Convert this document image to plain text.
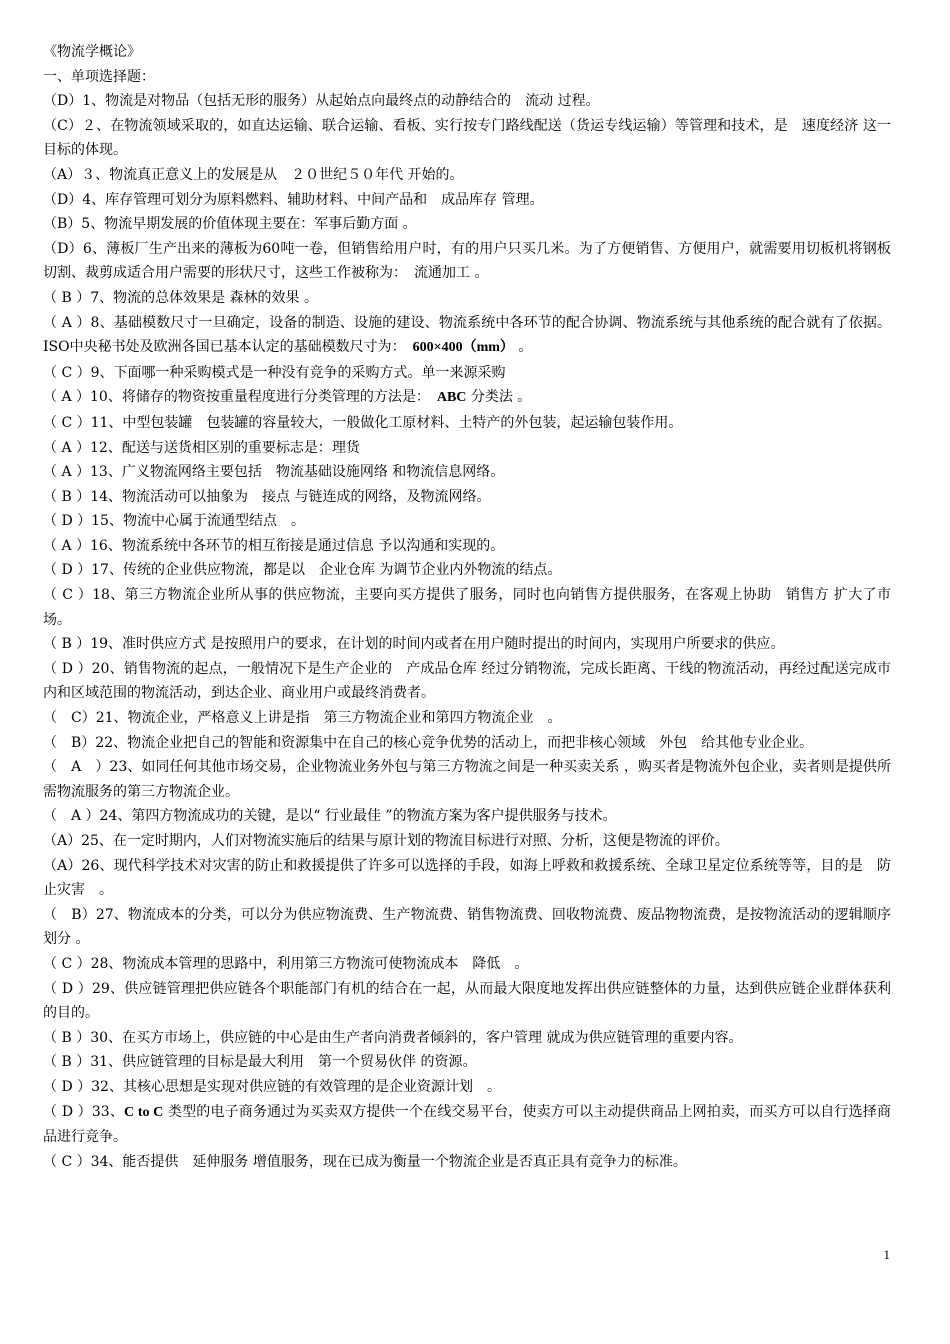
《物流学概论》

一、单项选择题：

（D）1、物流是对物品（包括无形的服务）从起始点向最终点的动静结合的　流动 过程。

（C）２、在物流领域采取的，如直达运输、联合运输、看板、实行按专门路线配送（货运专线运输）等管理和技术，是　速度经济 这一目标的体现。

（A）３、物流真正意义上的发展是从　２０世纪５０年代 开始的。

（D）4、库存管理可划分为原料燃料、辅助材料、中间产品和　成品库存 管理。

（B）5、物流早期发展的价值体现主要在：军事后勤方面 。

（D）6、薄板厂生产出来的薄板为60吨一卷，但销售给用户时，有的用户只买几米。为了方便销售、方便用户，就需要用切板机将钢板切割、裁剪成适合用户需要的形状尺寸，这些工作被称为：　流通加工 。

（ B ）7、物流的总体效果是 森林的效果 。

（ A ）8、基础模数尺寸一旦确定，设备的制造、设施的建设、物流系统中各环节的配合协调、物流系统与其他系统的配合就有了依据。ISO中央秘书处及欧洲各国已基本认定的基础模数尺寸为：　600×400（mm） 。

（ C ）9、下面哪一种采购模式是一种没有竞争的采购方式。单一来源采购

（ A ）10、将储存的物资按重量程度进行分类管理的方法是：　ABC 分类法 。

（ C ）11、中型包装罐　包装罐的容量较大，一般做化工原材料、土特产的外包装，起运输包装作用。

（ A ）12、配送与送货相区别的重要标志是：理货

（ A ）13、广义物流网络主要包括　物流基础设施网络 和物流信息网络。

（ B ）14、物流活动可以抽象为　接点 与链连成的网络，及物流网络。

（ D ）15、物流中心属于流通型结点　。

（ A ）16、物流系统中各环节的相互衔接是通过信息 予以沟通和实现的。

（ D ）17、传统的企业供应物流，都是以　企业仓库 为调节企业内外物流的结点。

（ C ）18、第三方物流企业所从事的供应物流，主要向买方提供了服务，同时也向销售方提供服务，在客观上协助　销售方 扩大了市场。

（ B ）19、准时供应方式 是按照用户的要求，在计划的时间内或者在用户随时提出的时间内，实现用户所要求的供应。

（ D ）20、销售物流的起点，一般情况下是生产企业的　产成品仓库 经过分销物流，完成长距离、干线的物流活动，再经过配送完成市内和区域范围的物流活动，到达企业、商业用户或最终消费者。

（　C）21、物流企业，严格意义上讲是指　第三方物流企业和第四方物流企业　。

（　B）22、物流企业把自己的智能和资源集中在自己的核心竞争优势的活动上，而把非核心领域　外包　给其他专业企业。

（　A　）23、如同任何其他市场交易，企业物流业务外包与第三方物流之间是一种买卖关系 ，购买者是物流外包企业，卖者则是提供所需物流服务的第三方物流企业。

（　A ）24、第四方物流成功的关键，是以“ 行业最佳 ”的物流方案为客户提供服务与技术。

（A）25、在一定时期内，人们对物流实施后的结果与原计划的物流目标进行对照、分析，这便是物流的评价。

（A）26、现代科学技术对灾害的防止和救援提供了许多可以选择的手段，如海上呼救和救援系统、全球卫星定位系统等等，目的是　防止灾害　。

（　B）27、物流成本的分类，可以分为供应物流费、生产物流费、销售物流费、回收物流费、废品物物流费，是按物流活动的逻辑顺序划分 。

（ C ）28、物流成本管理的思路中，利用第三方物流可使物流成本　降低　。

（ D ）29、供应链管理把供应链各个职能部门有机的结合在一起，从而最大限度地发挥出供应链整体的力量，达到供应链企业群体获利的目的。

（ B ）30、在买方市场上，供应链的中心是由生产者向消费者倾斜的，客户管理 就成为供应链管理的重要内容。

（ B ）31、供应链管理的目标是最大利用　第一个贸易伙伴 的资源。

（ D ）32、其核心思想是实现对供应链的有效管理的是企业资源计划　。

（ D ）33、C to C 类型的电子商务通过为买卖双方提供一个在线交易平台，使卖方可以主动提供商品上网拍卖，而买方可以自行选择商品进行竞争。

（ C ）34、能否提供　延伸服务 增值服务，现在已成为衡量一个物流企业是否真正具有竞争力的标准。

1
